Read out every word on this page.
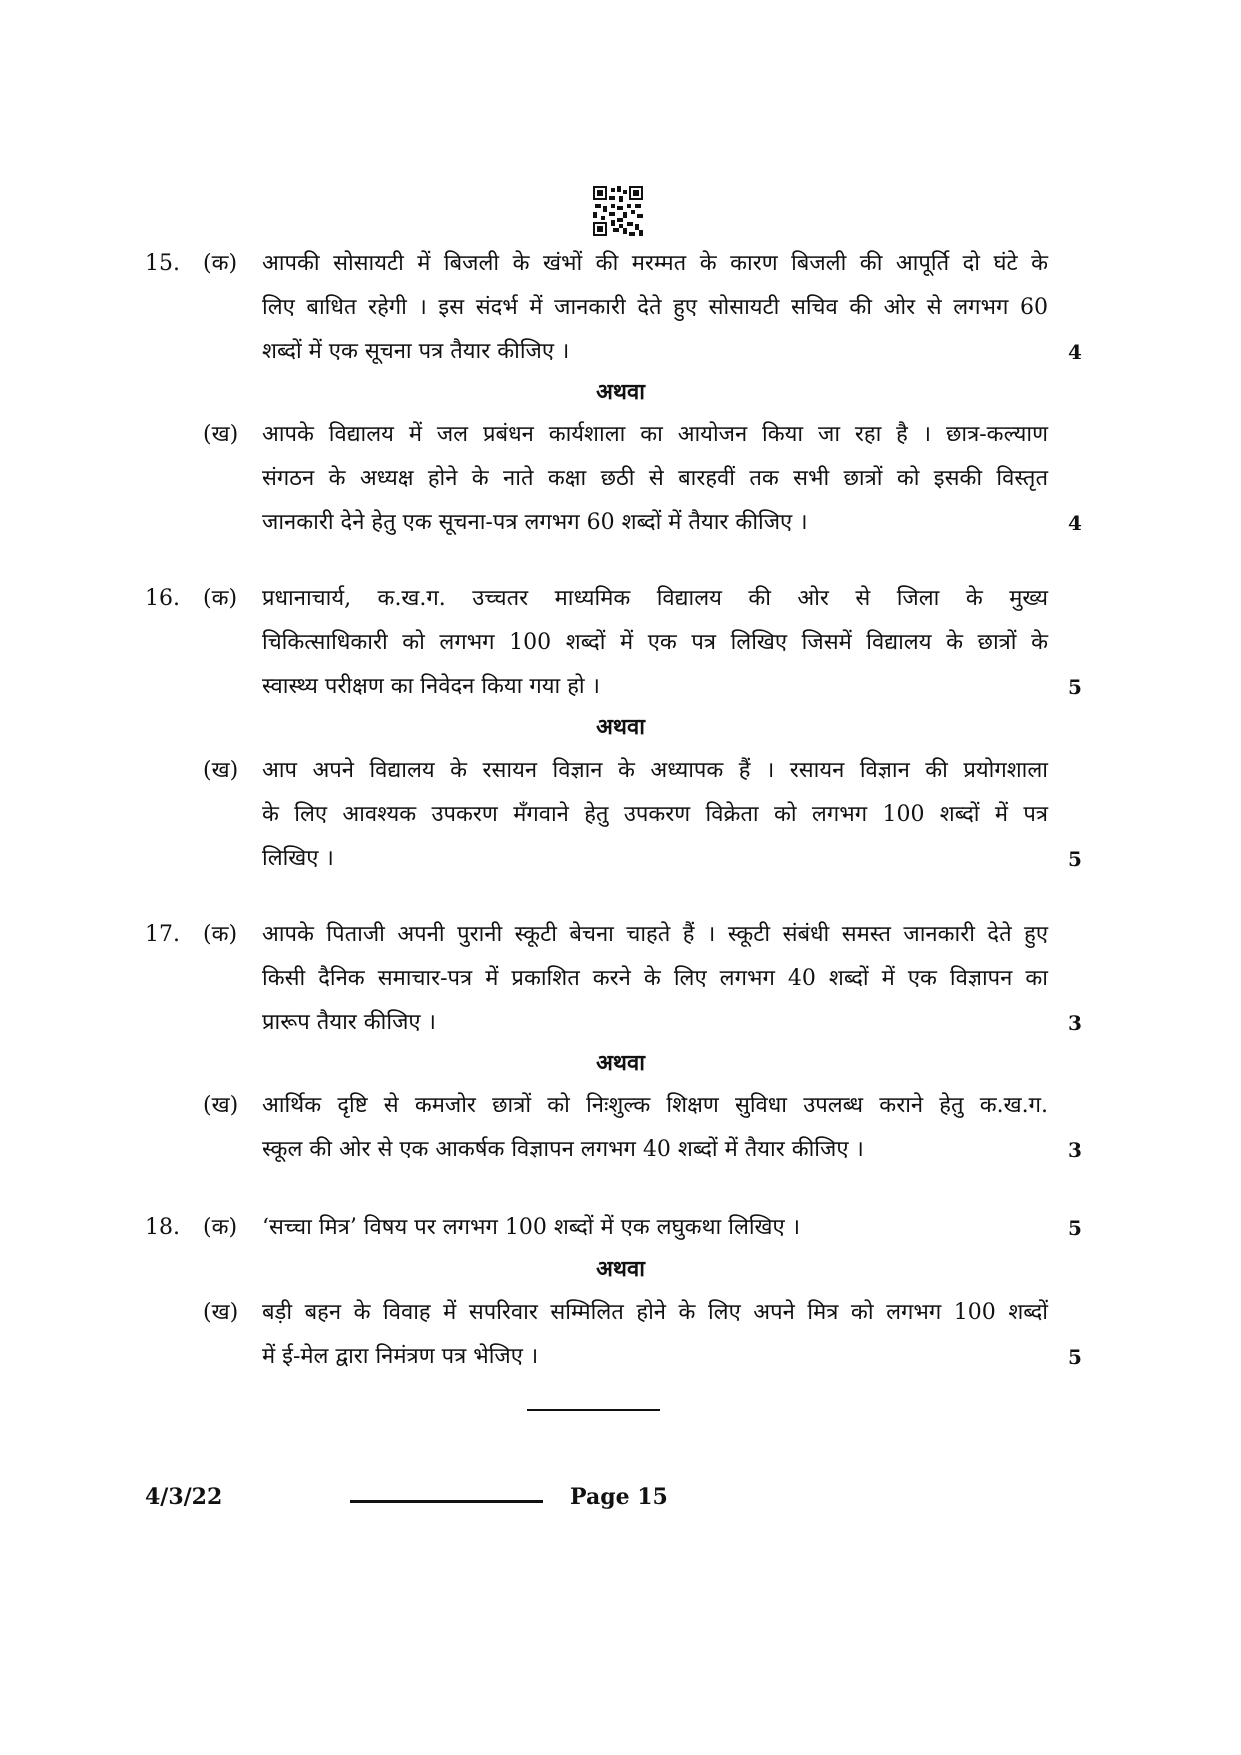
15. (क) आपकी सोसायटी में बिजली के खंभों की मरम्मत के कारण बिजली की आपूर्ति दो घंटे के
लिए बाधित रहेगी । इस संदर्भ में जानकारी देते हुए सोसायटी सचिव की ओर से लगभग 60
शब्दों में एक सूचना पत्र तैयार कीजिए ।	4
अथवा
(ख) आपके विद्यालय में जल प्रबंधन कार्यशाला का आयोजन किया जा रहा है । छात्र-कल्याण
संगठन के अध्यक्ष होने के नाते कक्षा छठी से बारहवीं तक सभी छात्रों को इसकी विस्तृत
जानकारी देने हेतु एक सूचना-पत्र लगभग 60 शब्दों में तैयार कीजिए ।	4
16. (क) प्रधानाचार्य, क.ख.ग. उच्चतर माध्यमिक विद्यालय की ओर से जिला के मुख्य
चिकित्साधिकारी को लगभग 100 शब्दों में एक पत्र लिखिए जिसमें विद्यालय के छात्रों के
स्वास्थ्य परीक्षण का निवेदन किया गया हो ।	5
अथवा
(ख) आप अपने विद्यालय के रसायन विज्ञान के अध्यापक हैं । रसायन विज्ञान की प्रयोगशाला
के लिए आवश्यक उपकरण मँगवाने हेतु उपकरण विक्रेता को लगभग 100 शब्दों में पत्र
लिखिए ।	5
17. (क) आपके पिताजी अपनी पुरानी स्कूटी बेचना चाहते हैं । स्कूटी संबंधी समस्त जानकारी देते हुए
किसी दैनिक समाचार-पत्र में प्रकाशित करने के लिए लगभग 40 शब्दों में एक विज्ञापन का
प्रारूप तैयार कीजिए ।	3
अथवा
(ख) आर्थिक दृष्टि से कमजोर छात्रों को निःशुल्क शिक्षण सुविधा उपलब्ध कराने हेतु क.ख.ग.
स्कूल की ओर से एक आकर्षक विज्ञापन लगभग 40 शब्दों में तैयार कीजिए ।	3
18. (क) ‘सच्चा मित्र’ विषय पर लगभग 100 शब्दों में एक लघुकथा लिखिए ।	5
अथवा
(ख) बड़ी बहन के विवाह में सपरिवार सम्मिलित होने के लिए अपने मित्र को लगभग 100 शब्दों
में ई-मेल द्वारा निमंत्रण पत्र भेजिए ।	5
4/3/22	Page 15
